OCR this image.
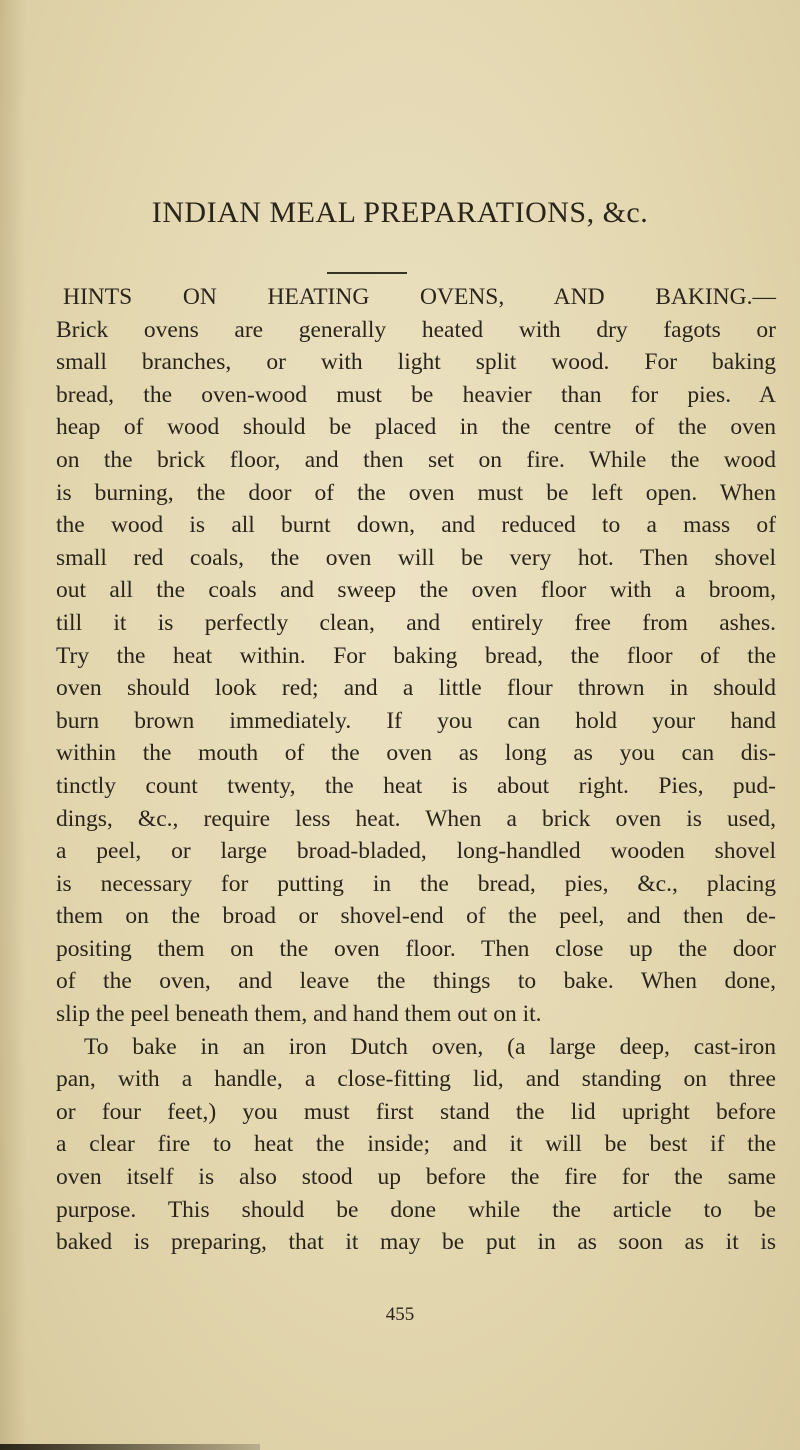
INDIAN MEAL PREPARATIONS, &c.

HINTS ON HEATING OVENS, AND BAKING.—
Brick ovens are generally heated with dry fagots or
small branches, or with light split wood. For baking
bread, the oven-wood must be heavier than for pies. A
heap of wood should be placed in the centre of the oven
on the brick floor, and then set on fire. While the wood
is burning, the door of the oven must be left open. When
the wood is all burnt down, and reduced to a mass of
small red coals, the oven will be very hot. Then shovel
out all the coals and sweep the oven floor with a broom,
till it is perfectly clean, and entirely free from ashes.
Try the heat within. For baking bread, the floor of the
oven should look red; and a little flour thrown in should
burn brown immediately. If you can hold your hand
within the mouth of the oven as long as you can dis-
tinctly count twenty, the heat is about right. Pies, pud-
dings, &c., require less heat. When a brick oven is used,
a peel, or large broad-bladed, long-handled wooden shovel
is necessary for putting in the bread, pies, &c., placing
them on the broad or shovel-end of the peel, and then de-
positing them on the oven floor. Then close up the door
of the oven, and leave the things to bake. When done,
slip the peel beneath them, and hand them out on it.

To bake in an iron Dutch oven, (a large deep, cast-iron
pan, with a handle, a close-fitting lid, and standing on three
or four feet,) you must first stand the lid upright before
a clear fire to heat the inside; and it will be best if the
oven itself is also stood up before the fire for the same
purpose. This should be done while the article to be
baked is preparing, that it may be put in as soon as it is

455
